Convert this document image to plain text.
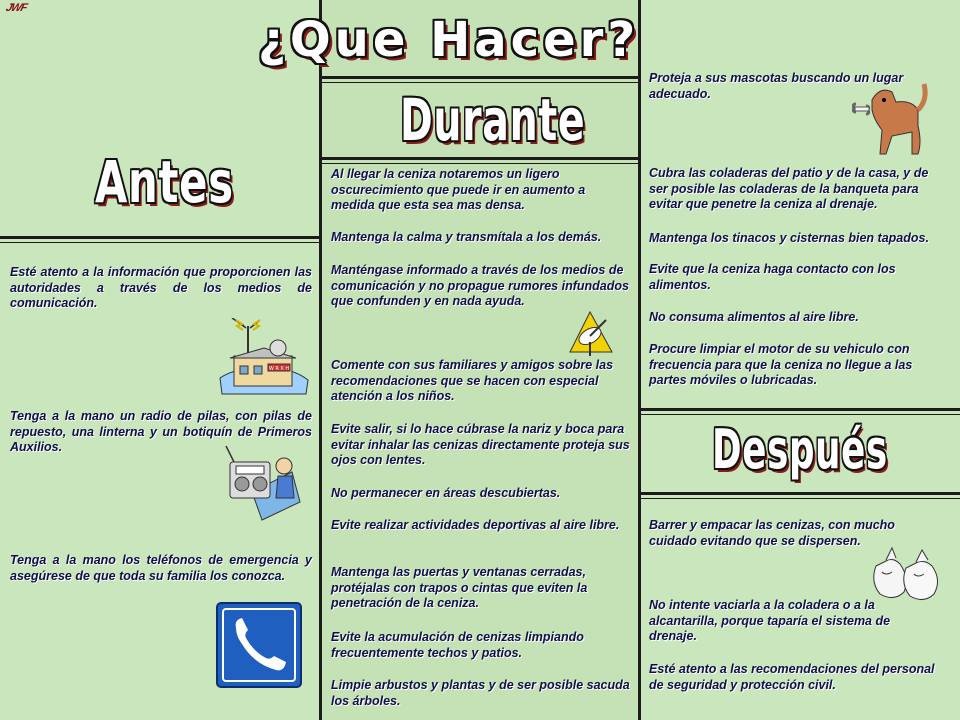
JWF
¿Que Hacer?
Antes
Durante
Después
Esté atento a la información que proporcionen las autoridades a través de los medios de comunicación.
Tenga a la mano un radio de pilas, con pilas de repuesto, una linterna y un botiquín de Primeros Auxilios.
Tenga a la mano los teléfonos de emergencia y asegúrese de que toda su familia los conozca.
Al llegar la ceniza notaremos un ligero oscurecimiento que puede ir en aumento a medida que esta sea mas densa.
Mantenga la calma y transmítala a los demás.
Manténgase informado a través de los medios de comunicación y no propague rumores infundados que confunden y en nada ayuda.
Comente con sus familiares y amigos sobre las recomendaciones que se hacen con especial atención a los niños.
Evite salir, si lo hace cúbrase la nariz y boca para evitar inhalar las cenizas directamente proteja sus ojos con lentes.
No permanecer en áreas descubiertas.
Evite realizar actividades deportivas al aire libre.
Mantenga las puertas y ventanas cerradas, protéjalas con trapos o cintas que eviten la penetración de la ceniza.
Evite la acumulación de cenizas limpiando frecuentemente techos y patios.
Limpie arbustos y plantas y de ser posible sacuda los árboles.
Proteja a sus mascotas buscando un lugar adecuado.
Cubra las coladeras del patio y de la casa, y de ser posible las coladeras de la banqueta para evitar que penetre la ceniza al drenaje.
Mantenga los tinacos y cisternas bien tapados.
Evite que la ceniza haga contacto con los alimentos.
No consuma alimentos al aire libre.
Procure limpiar el motor de su vehiculo con frecuencia para que la ceniza no llegue a las partes móviles o lubricadas.
Barrer y empacar las cenizas, con mucho cuidado evitando que se dispersen.
No intente vaciarla a la coladera o a la alcantarilla, porque taparía el sistema de drenaje.
Esté atento a las recomendaciones del personal de seguridad y protección civil.
W R X H
